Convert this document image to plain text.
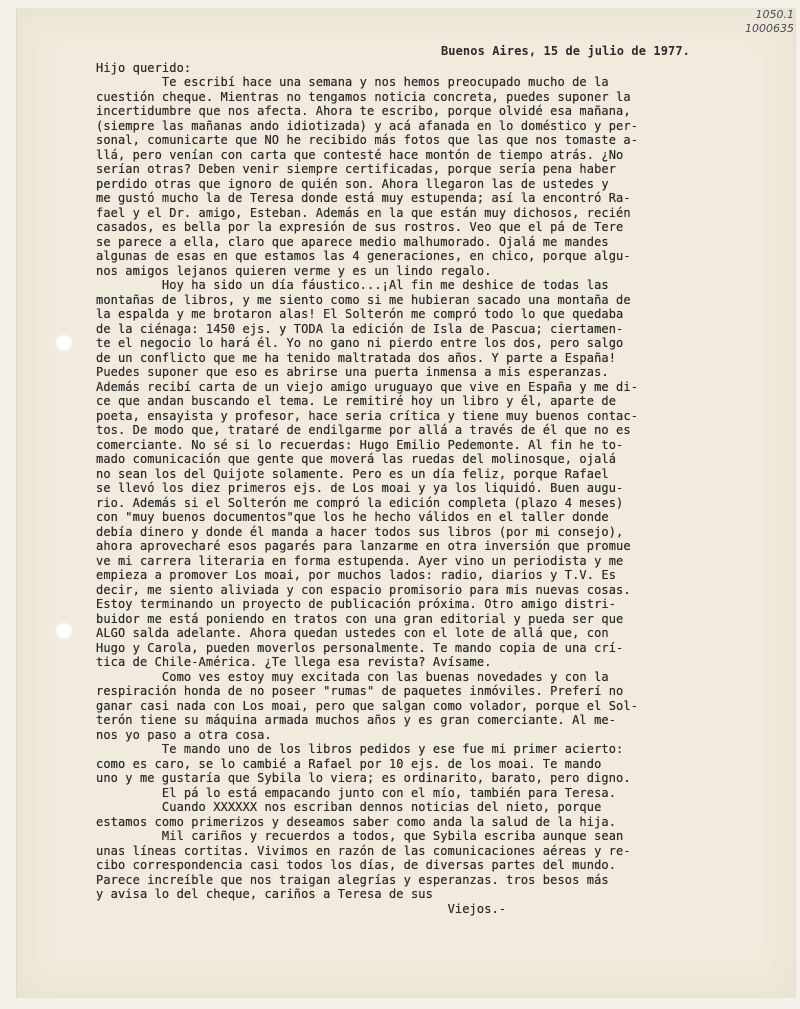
1050.1
1000635
Buenos Aires, 15 de julio de 1977.
Hijo querido:
Te escribí hace una semana y nos hemos preocupado mucho de la
cuestión cheque. Mientras no tengamos noticia concreta, puedes suponer la
incertidumbre que nos afecta. Ahora te escribo, porque olvidé esa mañana,
(siempre las mañanas ando idiotizada) y acá afanada en lo doméstico y per-
sonal, comunicarte que NO he recibido más fotos que las que nos tomaste a-
llá, pero venían con carta que contesté hace montón de tiempo atrás. ¿No
serían otras? Deben venir siempre certificadas, porque sería pena haber
perdido otras que ignoro de quién son. Ahora llegaron las de ustedes y
me gustó mucho la de Teresa donde está muy estupenda; así la encontró Ra-
fael y el Dr. amigo, Esteban. Además en la que están muy dichosos, recién
casados, es bella por la expresión de sus rostros. Veo que el pá de Tere
se parece a ella, claro que aparece medio malhumorado. Ojalá me mandes
algunas de esas en que estamos las 4 generaciones, en chico, porque algu-
nos amigos lejanos quieren verme y es un lindo regalo.
Hoy ha sido un día fáustico...¡Al fin me deshice de todas las
montañas de libros, y me siento como si me hubieran sacado una montaña de
la espalda y me brotaron alas! El Solterón me compró todo lo que quedaba
de la ciénaga: 1450 ejs. y TODA la edición de Isla de Pascua; ciertamen-
te el negocio lo hará él. Yo no gano ni pierdo entre los dos, pero salgo
de un conflicto que me ha tenido maltratada dos años. Y parte a España!
Puedes suponer que eso es abrirse una puerta inmensa a mis esperanzas.
Además recibí carta de un viejo amigo uruguayo que vive en España y me di-
ce que andan buscando el tema. Le remitiré hoy un libro y él, aparte de
poeta, ensayista y profesor, hace seria crítica y tiene muy buenos contac-
tos. De modo que, trataré de endilgarme por allá a través de él que no es
comerciante. No sé si lo recuerdas: Hugo Emilio Pedemonte. Al fin he to-
mado comunicación que gente que moverá las ruedas del molinosque, ojalá
no sean los del Quijote solamente. Pero es un día feliz, porque Rafael
se llevó los diez primeros ejs. de Los moai y ya los liquidó. Buen augu-
rio. Además si el Solterón me compró la edición completa (plazo 4 meses)
con "muy buenos documentos"que los he hecho válidos en el taller donde
debía dinero y donde él manda a hacer todos sus libros (por mi consejo),
ahora aprovecharé esos pagarés para lanzarme en otra inversión que promue
ve mi carrera literaria en forma estupenda. Ayer vino un periodista y me
empieza a promover Los moai, por muchos lados: radio, diarios y T.V. Es
decir, me siento aliviada y con espacio promisorio para mis nuevas cosas.
Estoy terminando un proyecto de publicación próxima. Otro amigo distri-
buidor me está poniendo en tratos con una gran editorial y pueda ser que
ALGO salda adelante. Ahora quedan ustedes con el lote de allá que, con
Hugo y Carola, pueden moverlos personalmente. Te mando copia de una crí-
tica de Chile-América. ¿Te llega esa revista? Avísame.
Como ves estoy muy excitada con las buenas novedades y con la
respiración honda de no poseer "rumas" de paquetes inmóviles. Preferí no
ganar casi nada con Los moai, pero que salgan como volador, porque el Sol-
terón tiene su máquina armada muchos años y es gran comerciante. Al me-
nos yo paso a otra cosa.
Te mando uno de los libros pedidos y ese fue mi primer acierto:
como es caro, se lo cambié a Rafael por 10 ejs. de los moai. Te mando
uno y me gustaría que Sybila lo viera; es ordinarito, barato, pero digno.
El pá lo está empacando junto con el mío, también para Teresa.
Cuando XXXXXX nos escriban dennos noticias del nieto, porque
estamos como primerizos y deseamos saber como anda la salud de la hija.
Mil cariños y recuerdos a todos, que Sybila escriba aunque sean
unas líneas cortitas. Vivimos en razón de las comunicaciones aéreas y re-
cibo correspondencia casi todos los días, de diversas partes del mundo.
Parece increíble que nos traigan alegrías y esperanzas. tros besos más
y avisa lo del cheque, cariños a Teresa de sus
Viejos.-
